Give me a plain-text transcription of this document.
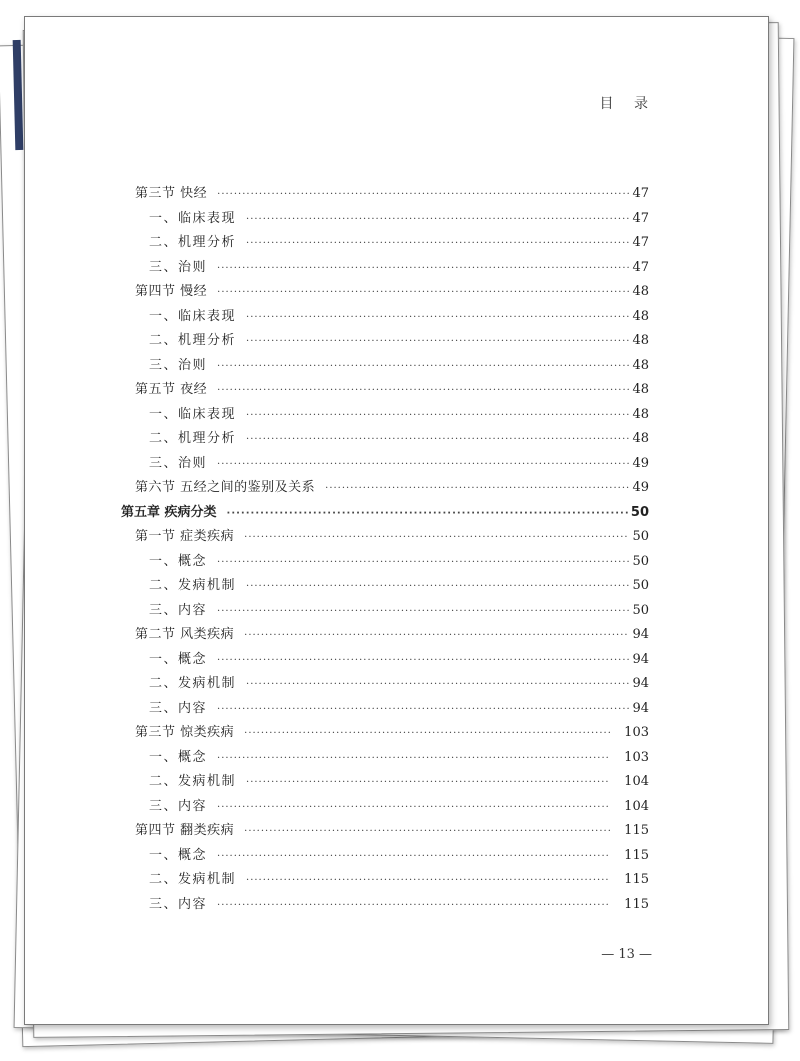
目 录
第三节 快经 ·····	47
一、临床表现 ·····	47
二、机理分析 ·····	47
三、治则 ·····	47
第四节 慢经 ·····	48
一、临床表现 ·····	48
二、机理分析 ·····	48
三、治则 ·····	48
第五节 夜经 ·····	48
一、临床表现 ·····	48
二、机理分析 ·····	48
三、治则 ·····	49
第六节 五经之间的鉴别及关系 ·····	49
第五章 疾病分类 ·····	50
第一节 症类疾病 ·····	50
一、概念 ·····	50
二、发病机制 ·····	50
三、内容 ·····	50
第二节 风类疾病 ·····	94
一、概念 ·····	94
二、发病机制 ·····	94
三、内容 ·····	94
第三节 惊类疾病 ·····	103
一、概念 ·····	103
二、发病机制 ·····	104
三、内容 ·····	104
第四节 翻类疾病 ·····	115
一、概念 ·····	115
二、发病机制 ·····	115
三、内容 ·····	115
— 13 —
